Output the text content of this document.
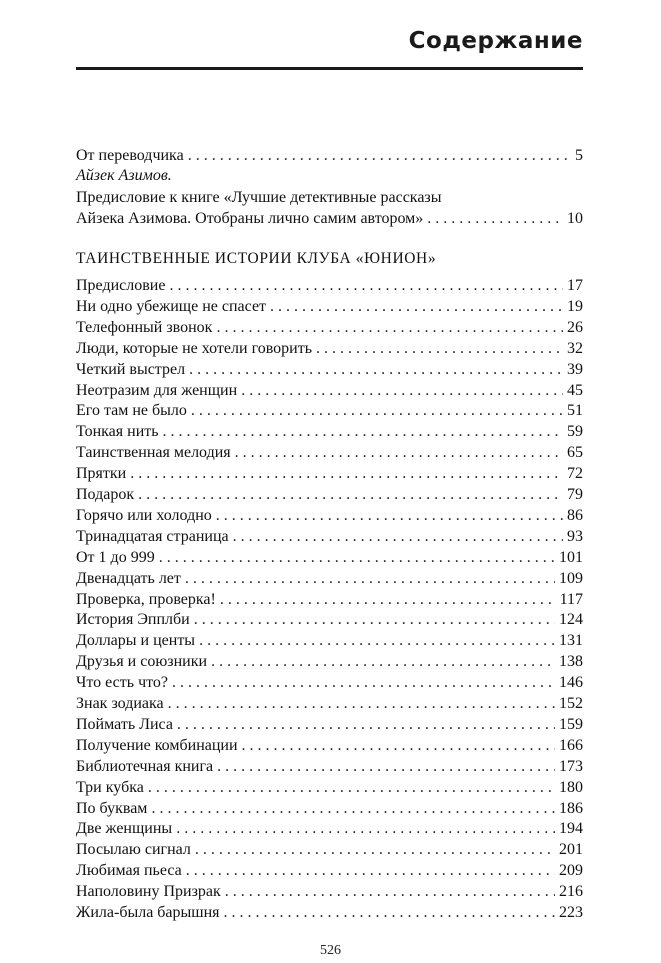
Содержание
От переводчика . . .	5
Айзек Азимов.
Предисловие к книге «Лучшие детективные рассказы
Айзека Азимова. Отобраны лично самим автором» . . .	10
ТАИНСТВЕННЫЕ ИСТОРИИ КЛУБА «ЮНИОН»
Предисловие . . .	17
Ни одно убежище не спасет . . .	19
Телефонный звонок . . .	26
Люди, которые не хотели говорить . . .	32
Четкий выстрел . . .	39
Неотразим для женщин . . .	45
Его там не было . . .	51
Тонкая нить . . .	59
Таинственная мелодия . . .	65
Прятки . . .	72
Подарок . . .	79
Горячо или холодно . . .	86
Тринадцатая страница . . .	93
От 1 до 999 . . .	101
Двенадцать лет . . .	109
Проверка, проверка! . . .	117
История Эпплби . . .	124
Доллары и центы . . .	131
Друзья и союзники . . .	138
Что есть что? . . .	146
Знак зодиака . . .	152
Поймать Лиса . . .	159
Получение комбинации . . .	166
Библиотечная книга . . .	173
Три кубка . . .	180
По буквам . . .	186
Две женщины . . .	194
Посылаю сигнал . . .	201
Любимая пьеса . . .	209
Наполовину Призрак . . .	216
Жила-была барышня . . .	223
526
